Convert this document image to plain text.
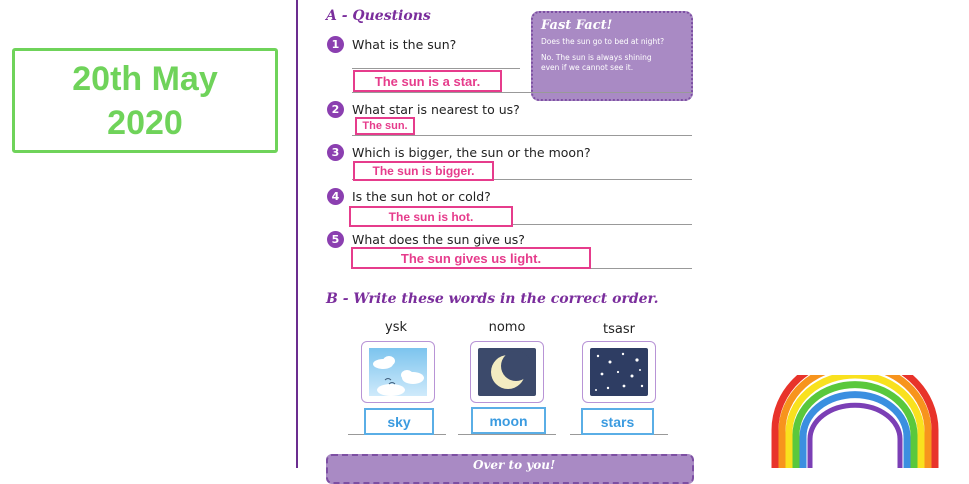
20th May
2020
A - Questions
Fast Fact!
Does the sun go to bed at night?
No. The sun is always shining even if we cannot see it.
1	What is the sun?
The sun is a star.
2	What star is nearest to us?
The sun.
3	Which is bigger, the sun or the moon?
The sun is bigger.
4	Is the sun hot or cold?
The sun is hot.
5	What does the sun give us?
The sun gives us light.
B - Write these words in the correct order.
ysk
sky
nomo
moon
tsasr
stars
Over to you!
